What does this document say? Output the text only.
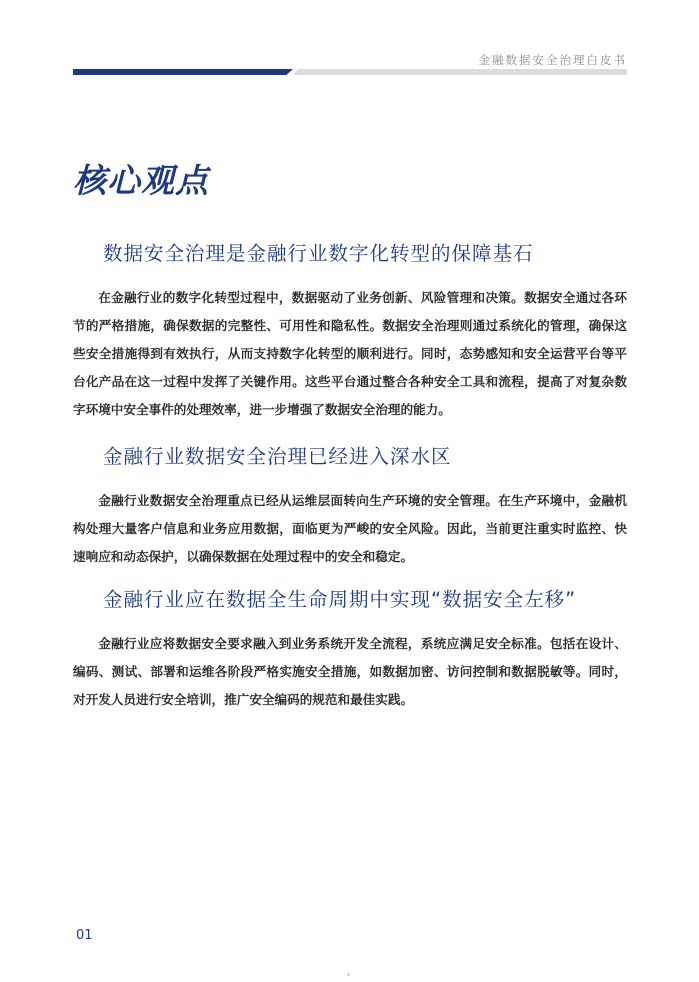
金融数据安全治理白皮书
核心观点
数据安全治理是金融行业数字化转型的保障基石

在金融行业的数字化转型过程中，数据驱动了业务创新、风险管理和决策。数据安全通过各环节的严格措施，确保数据的完整性、可用性和隐私性。数据安全治理则通过系统化的管理，确保这些安全措施得到有效执行，从而支持数字化转型的顺利进行。同时，态势感知和安全运营平台等平台化产品在这一过程中发挥了关键作用。这些平台通过整合各种安全工具和流程，提高了对复杂数字环境中安全事件的处理效率，进一步增强了数据安全治理的能力。

金融行业数据安全治理已经进入深水区

金融行业数据安全治理重点已经从运维层面转向生产环境的安全管理。在生产环境中，金融机构处理大量客户信息和业务应用数据，面临更为严峻的安全风险。因此，当前更注重实时监控、快速响应和动态保护，以确保数据在处理过程中的安全和稳定。

金融行业应在数据全生命周期中实现“数据安全左移”

金融行业应将数据安全要求融入到业务系统开发全流程，系统应满足安全标准。包括在设计、编码、测试、部署和运维各阶段严格实施安全措施，如数据加密、访问控制和数据脱敏等。同时，对开发人员进行安全培训，推广安全编码的规范和最佳实践。

01
